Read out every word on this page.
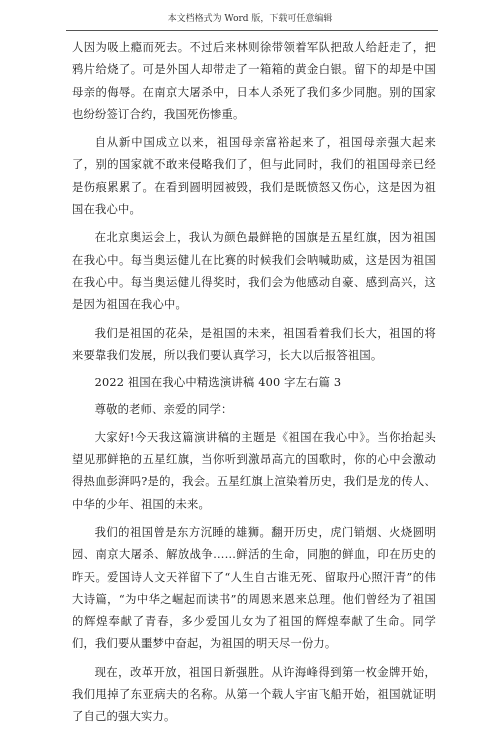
本文档格式为 Word 版，下载可任意编辑

人因为吸上瘾而死去。不过后来林则徐带领着军队把敌人给赶走了，把鸦片给烧了。可是外国人却带走了一箱箱的黄金白银。留下的却是中国母亲的侮辱。在南京大屠杀中，日本人杀死了我们多少同胞。别的国家也纷纷签订合约，我国死伤惨重。

自从新中国成立以来，祖国母亲富裕起来了，祖国母亲强大起来了，别的国家就不敢来侵略我们了，但与此同时，我们的祖国母亲已经是伤痕累累了。在看到圆明园被毁，我们是既愤怒又伤心，这是因为祖国在我心中。

在北京奥运会上，我认为颜色最鲜艳的国旗是五星红旗，因为祖国在我心中。每当奥运健儿在比赛的时候我们会呐喊助威，这是因为祖国在我心中。每当奥运健儿得奖时，我们会为他感动自豪、感到高兴，这是因为祖国在我心中。

我们是祖国的花朵，是祖国的未来，祖国看着我们长大，祖国的将来要靠我们发展，所以我们要认真学习，长大以后报答祖国。

2022 祖国在我心中精选演讲稿 400 字左右篇 3

尊敬的老师、亲爱的同学：

大家好!今天我这篇演讲稿的主题是《祖国在我心中》。当你抬起头望见那鲜艳的五星红旗，当你听到激昂高亢的国歌时，你的心中会激动得热血彭湃吗?是的，我会。五星红旗上渲染着历史，我们是龙的传人、中华的少年、祖国的未来。

我们的祖国曾是东方沉睡的雄狮。翻开历史，虎门销烟、火烧圆明园、南京大屠杀、解放战争……鲜活的生命，同胞的鲜血，印在历史的昨天。爱国诗人文天祥留下了“人生自古谁无死、留取丹心照汗青”的伟大诗篇，“为中华之崛起而读书”的周恩来恩来总理。他们曾经为了祖国的辉煌奉献了青春，多少爱国儿女为了祖国的辉煌奉献了生命。同学们，我们要从噩梦中奋起，为祖国的明天尽一份力。

现在，改革开放，祖国日新强胜。从许海峰得到第一枚金牌开始，我们甩掉了东亚病夫的名称。从第一个载人宇宙飞船开始，祖国就证明了自己的强大实力。
